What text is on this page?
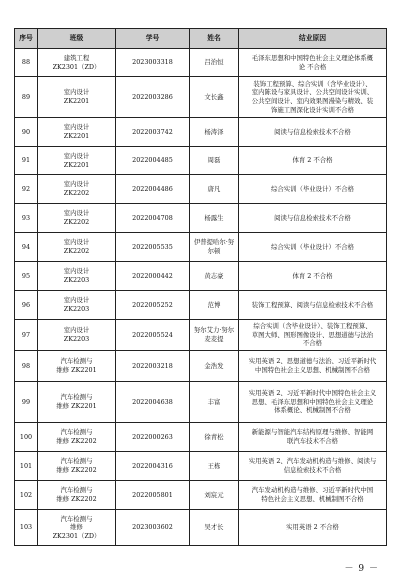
序号	班级	学号	姓名	结业原因
88	建筑工程
ZK2301（ZD）	2023003318	吕治恒	毛泽东思想和中国特色社会主义理论体系概
论 不合格
89	室内设计
ZK2201	2022003286	文长鑫	装饰工程预算、综合实训（含毕业设计）、
室内陈设与家具设计、公共空间设计实训、
公共空间设计、室内效果图漫染与精效、装
饰施工图深化设计实训不合格
90	室内设计
ZK2201	2022003742	杨涛泽	阅读与信息检索技术不合格
91	室内设计
ZK2201	2022004485	周磊	体育 2 不合格
92	室内设计
ZK2202	2022004486	唐凡	综合实训（毕业设计）不合格
93	室内设计
ZK2202	2022004708	杨露生	阅读与信息检索技术不合格
94	室内设计
ZK2202	2022005535	伊普提哈尔·努
尔顿	综合实训（毕业设计）不合格
95	室内设计
ZK2203	2022000442	黄志豪	体育 2 不合格
96	室内设计
ZK2203	2022005252	范博	装饰工程预算、阅读与信息检索技术不合格
97	室内设计
ZK2203	2022005524	努尔艾力·努尔
麦麦提	综合实训（含毕业设计）、装饰工程预算、
草图大师、图形图像设计、思想道德与法治
不合格
98	汽车检测与
维修 ZK2201	2022003218	金浩发	实用英语 2、思想道德与法治、习近平新时代
中国特色社会主义思想、机械制图不合格
99	汽车检测与
维修 ZK2201	2022004638	丰富	实用英语 2、习近平新时代中国特色社会主义
思想、毛泽东思想和中国特色社会主义理论
体系概论、机械制图不合格
100	汽车检测与
维修 ZK2202	2022000263	徐青松	新能源与智能汽车结构原理与维修、智能网
联汽车技术不合格
101	汽车检测与
维修 ZK2202	2022004316	王栋	实用英语 2、汽车发动机构造与维修、阅读与
信息检索技术不合格
102	汽车检测与
维修 ZK2202	2022005801	刘宸元	汽车发动机构造与维修、习近平新时代中国
特色社会主义思想、机械制图不合格
103	汽车检测与
维修
ZK2301（ZD）	2023003602	吴才长	实用英语 2 不合格
－ 9 －
